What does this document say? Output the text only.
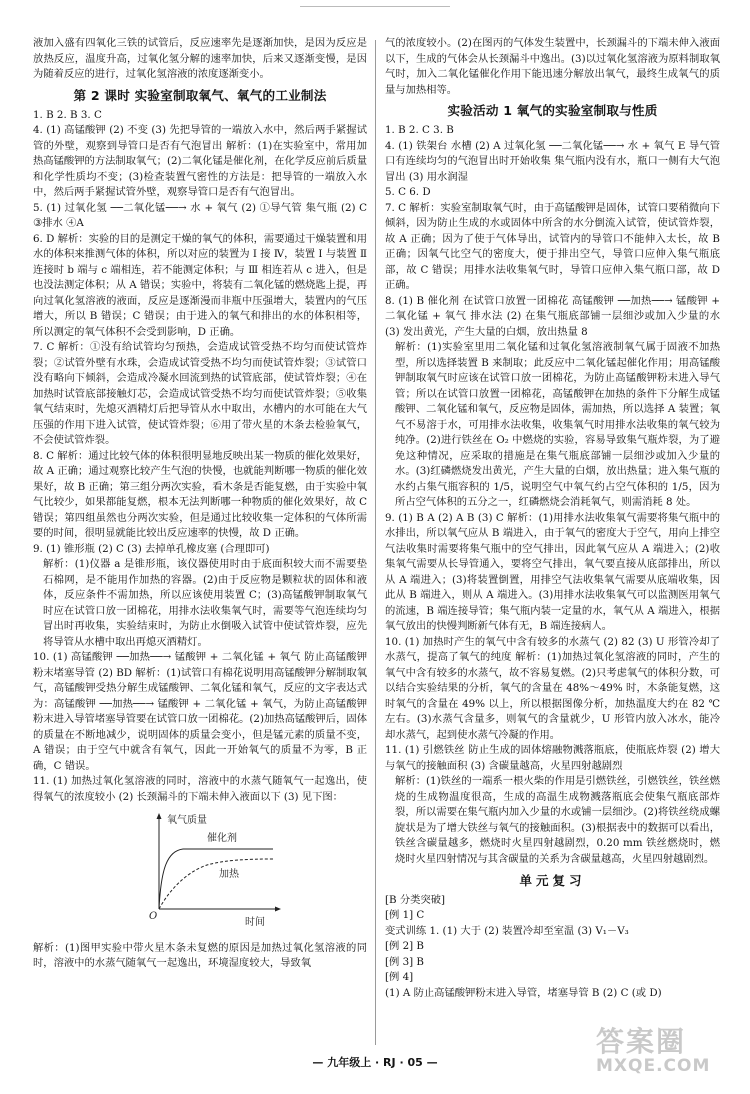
液加入盛有四氧化三铁的试管后，反应速率先是逐渐加快，是因为反应是放热反应，温度升高，过氧化氢分解的速率加快，后来又逐渐变慢，是因为随着反应的进行，过氧化氢溶液的浓度逐渐变小。

第 2 课时 实验室制取氧气、氧气的工业制法

1. B 2. B 3. C

4. (1) 高锰酸钾 (2) 不变 (3) 先把导管的一端放入水中，然后两手紧握试管的外壁，观察到导管口是否有气泡冒出 解析：(1)在实验室中，常用加热高锰酸钾的方法制取氧气；(2)二氧化锰是催化剂，在化学反应前后质量和化学性质均不变；(3)检查装置气密性的方法是：把导管的一端放入水中，然后两手紧握试管外壁，观察导管口是否有气泡冒出。

5. (1) 过氧化氢 ──二氧化锰──→ 水 + 氧气 (2) ①导气管 集气瓶 (2) C ③排水 ④A

6. D 解析：实验的目的是测定干燥的氧气的体积，需要通过干燥装置和用水的体积来推测气体的体积，所以对应的装置为 Ⅰ 接 Ⅳ，装置 Ⅰ 与装置 Ⅱ 连接时 b 端与 c 端相连，若不能测定体积；与 Ⅲ 相连若从 c 进入，但是也没法测定体积；从 A 错误；实验中，将装有二氧化锰的燃烧匙上提，再向过氧化氢溶液的液面，反应是逐渐漫而非瓶中压强增大，装置内的气压增大，所以 B 错误；C 错误；由于进入的氧气和排出的水的体积相等，所以测定的氧气体积不会受到影响，D 正确。

7. C 解析：①没有给试管均匀预热，会造成试管受热不均匀而使试管炸裂；②试管外壁有水珠，会造成试管受热不均匀而使试管炸裂；③试管口没有略向下倾斜，会造成冷凝水回流到热的试管底部，使试管炸裂；④在加热时试管底部接触灯芯，会造成试管受热不均匀而使试管炸裂；⑤收集氧气结束时，先熄灭酒精灯后把导管从水中取出，水槽内的水可能在大气压强的作用下进入试管，使试管炸裂；⑥用了带火星的木条去检验氧气，不会使试管炸裂。

8. C 解析：通过比较气体的体积很明显地反映出某一物质的催化效果好，故 A 正确；通过观察比较产生气泡的快慢，也就能判断哪一物质的催化效果好，故 B 正确；第三组分两次实验，看木条是否能复燃，由于实验中氧气比较少，如果都能复燃，根本无法判断哪一种物质的催化效果好，故 C 错误；第四组虽然也分两次实验，但是通过比较收集一定体积的气体所需要的时间，很明显就能比较出反应速率的快慢，故 D 正确。

9. (1) 锥形瓶 (2) C (3) 去掉单孔橡皮塞 (合理即可)

解析：(1)仪器 a 是锥形瓶，该仪器使用时由于底面积较大而不需要垫石棉网，是不能用作加热的容器。(2)由于反应物是颗粒状的固体和液体，反应条件不需加热，所以应该使用装置 C；(3)高锰酸钾制取氧气时应在试管口放一团棉花，用排水法收集氧气时，需要等气泡连续均匀冒出时再收集，实验结束时，为防止水倒吸入试管中使试管炸裂，应先将导管从水槽中取出再熄灭酒精灯。

10. (1) 高锰酸钾 ──加热──→ 锰酸钾 + 二氧化锰 + 氧气 防止高锰酸钾粉末堵塞导管 (2) BD 解析：(1)试管口有棉花说明用高锰酸钾分解制取氧气，高锰酸钾受热分解生成锰酸钾、二氧化锰和氧气，反应的文字表达式为：高锰酸钾 ──加热──→ 锰酸钾 + 二氧化锰 + 氧气，为防止高锰酸钾粉末进入导管堵塞导管要在试管口放一团棉花。(2)加热高锰酸钾后，固体的质量在不断地减少，说明固体的质量会变小，但是锰元素的质量不变，A 错误；由于空气中就含有氧气，因此一开始氧气的质量不为零，B 正确，C 错误。

11. (1) 加热过氧化氢溶液的同时，溶液中的水蒸气随氧气一起逸出，使得氧气的浓度较小 (2) 长颈漏斗的下端未伸入液面以下 (3) 见下图：

氧气质量
时间
O
催化剂
加热

解析：(1)图甲实验中带火星木条未复燃的原因是加热过氧化氢溶液的同时，溶液中的水蒸气随氧气一起逸出，环境湿度较大，导致氧

气的浓度较小。(2)在图丙的气体发生装置中，长颈漏斗的下端未伸入液面以下，生成的气体会从长颈漏斗中逸出。(3)以过氧化氢溶液为原料制取氧气时，加入二氧化锰催化作用下能迅速分解放出氧气，最终生成氧气的质量与加热相等。

实验活动 1 氧气的实验室制取与性质

1. B 2. C 3. B

4. (1) 铁架台 水槽 (2) A 过氧化氢 ──二氧化锰──→ 水 + 氧气 E 导气管口有连续均匀的气泡冒出时开始收集 集气瓶内没有水，瓶口一侧有大气泡冒出 (3) 用水润湿

5. C 6. D

7. C 解析：实验室制取氧气时，由于高锰酸钾是固体，试管口要稍微向下倾斜，因为防止生成的水或固体中所含的水分倒流入试管，使试管炸裂，故 A 正确；因为了使于气体导出，试管内的导管口不能伸入太长，故 B 正确；因氧气比空气的密度大，便于排出空气，导管口应伸入集气瓶底部，故 C 错误；用排水法收集氧气时，导管口应伸入集气瓶口部，故 D 正确。

8. (1) B 催化剂 在试管口放置一团棉花 高锰酸钾 ──加热──→ 锰酸钾 + 二氧化锰 + 氧气 排水法 (2) 在集气瓶底部铺一层细沙或加入少量的水 (3) 发出黄光，产生大量的白烟，放出热量 8

解析：(1)实验室里用二氧化锰和过氧化氢溶液制氧气属于固液不加热型，所以选择装置 B 来制取；此反应中二氧化锰起催化作用；用高锰酸钾制取氧气时应该在试管口放一团棉花，为防止高锰酸钾粉末进入导气管；所以在试管口放置一团棉花，高锰酸钾在加热的条件下分解生成锰酸钾、二氧化锰和氧气，反应物是固体，需加热，所以选择 A 装置；氧气不易溶于水，可用排水法收集，收集氧气时用排水法收集的氧气较为纯净。(2)进行铁丝在 O₂ 中燃烧的实验，容易导致集气瓶炸裂，为了避免这种情况，应采取的措施是在集气瓶底部铺一层细沙或加入少量的水。(3)红磷燃烧发出黄光，产生大量的白烟，放出热量；进入集气瓶的水约占集气瓶容积的 1/5，说明空气中氧气约占空气体积的 1/5，因为所占空气体积的五分之一，红磷燃烧会消耗氧气，则需消耗 8 处。

9. (1) B A (2) A B (3) C 解析：(1)用排水法收集氧气需要将集气瓶中的水排出，所以氧气应从 B 端进入，由于氧气的密度大于空气，用向上排空气法收集时需要将集气瓶中的空气排出，因此氧气应从 A 端进入；(2)收集氧气需要从长导管通入，要将空气排出，氧气要直接从底部排出，所以从 A 端进入；(3)将装置倒置，用排空气法收集氧气需要从底端收集，因此从 B 端进入，则从 A 端进入。(3)用排水法收集氧气可以监测医用氧气的流速，B 端连接导管；集气瓶内装一定量的水，氧气从 A 端进入，根据氧气放出的快慢判断新气体有无，B 端连接病人。

10. (1) 加热时产生的氧气中含有较多的水蒸气 (2) 82 (3) U 形管冷却了水蒸气，提高了氧气的纯度 解析：(1)加热过氧化氢溶液的同时，产生的氧气中含有较多的水蒸气，故不容易复燃。(2)只考虑氧气的体积分数，可以结合实验结果的分析，氧气的含量在 48%～49% 时，木条能复燃，这时氧气的含量在 49% 以上，所以根据图像分析，加热温度大约在 82 ℃ 左右。(3)水蒸气含量多，则氧气的含量就少，U 形管内放入冰水，能冷却水蒸气，起到使水蒸气冷凝的作用。

11. (1) 引燃铁丝 防止生成的固体熔融物溅落瓶底，使瓶底炸裂 (2) 增大与氧气的接触面积 (3) 含碳量越高，火星四射越剧烈

解析：(1)铁丝的一端系一根火柴的作用是引燃铁丝，引燃铁丝，铁丝燃烧的生成物温度很高，生成的高温生成物溅落瓶底会使集气瓶底部炸裂，所以需要在集气瓶内加入少量的水或铺一层细沙。(2)将铁丝绕成螺旋状是为了增大铁丝与氧气的接触面积。(3)根据表中的数据可以看出，铁丝含碳量越多，燃烧时火星四射越剧烈，0.20 mm 铁丝燃烧时，燃烧时火星四射情况与其含碳量的关系为含碳量越高，火星四射越剧烈。

单元复习

[B 分类突破]

[例 1] C

变式训练 1. (1) 大于 (2) 装置冷却至室温 (3) V₁－V₃

[例 2] B

[例 3] B

[例 4]

(1) A 防止高锰酸钾粉末进入导管，堵塞导管 B (2) C (或 D)

— 九年级上 · RJ · 05 —
答案圈
MXQE.COM
